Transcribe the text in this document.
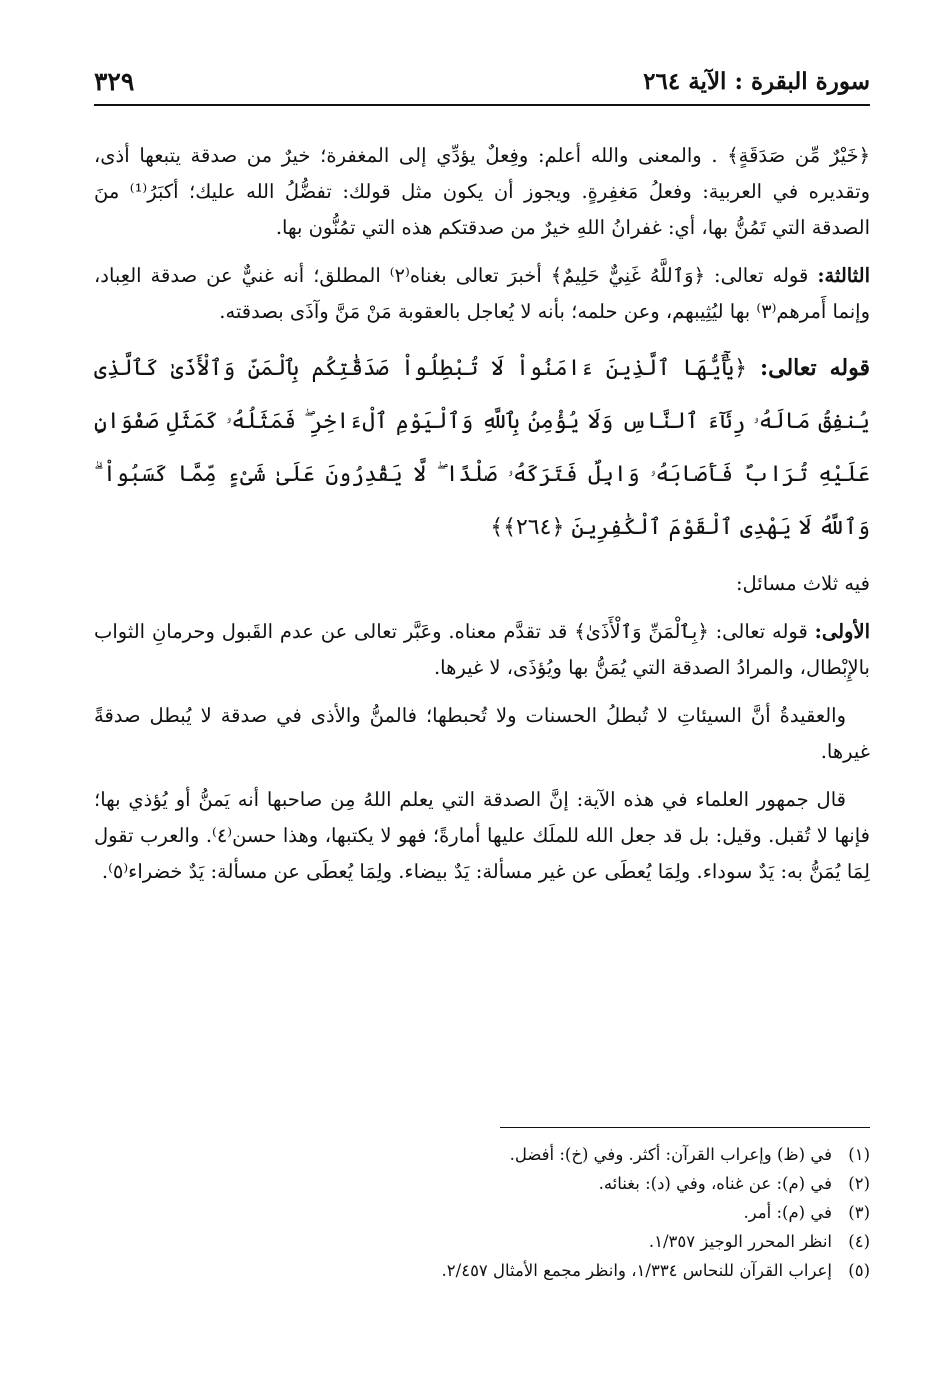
سورة البقرة : الآية ٢٦٤
٣٢٩

﴿خَيْرٌ مِّن صَدَقَةٍ﴾ . والمعنى والله أعلم: وفِعلٌ يؤدِّي إلى المغفرة؛ خيرٌ من صدقة يتبعها أذى، وتقديره في العربية: وفعلُ مَغفِرةٍ. ويجوز أن يكون مثل قولك: تفضُّلُ الله عليك؛ أكبَرُ⁽¹⁾ منَ الصدقة التي تَمُنُّ بها، أي: غفرانُ اللهِ خيرٌ من صدقتكم هذه التي تمُنُّون بها.

الثالثة: قوله تعالى: ﴿وَٱللَّهُ غَنِيٌّ حَلِيمٌ﴾ أخبرَ تعالى بغناه⁽٢⁾ المطلق؛ أنه غنيٌّ عن صدقة العِباد، وإنما أَمرهم⁽٣⁾ بها ليُثِيبهم، وعن حلمه؛ بأنه لا يُعاجل بالعقوبة مَنْ مَنَّ وآذَى بصدقته.

قوله تعالى: ﴿يَٰٓأَيُّهَا ٱلَّذِينَ ءَامَنُواْ لَا تُبْطِلُواْ صَدَقَٰتِكُم بِٱلْمَنِّ وَٱلْأَذَىٰ كَٱلَّذِى يُنفِقُ مَالَهُۥ رِئَآءَ ٱلنَّاسِ وَلَا يُؤْمِنُ بِٱللَّهِ وَٱلْيَوْمِ ٱلْءَاخِرِ ۖ فَمَثَلُهُۥ كَمَثَلِ صَفْوَانٍ عَلَيْهِ تُرَابٌ فَأَصَابَهُۥ وَابِلٌ فَتَرَكَهُۥ صَلْدًا ۖ لَّا يَقْدِرُونَ عَلَىٰ شَىْءٍ مِّمَّا كَسَبُواْ ۗ وَٱللَّهُ لَا يَهْدِى ٱلْقَوْمَ ٱلْكَٰفِرِينَ ﴿٢٦٤﴾﴾

فيه ثلاث مسائل:

الأولى: قوله تعالى: ﴿بِٱلْمَنِّ وَٱلْأَذَىٰ﴾ قد تقدَّم معناه. وعَبَّر تعالى عن عدم القَبول وحرمانِ الثواب بالإِبْطال، والمرادُ الصدقة التي يُمَنُّ بها ويُؤذَى، لا غيرها.

والعقيدةُ أنَّ السيئاتِ لا تُبطلُ الحسنات ولا تُحبطها؛ فالمنُّ والأذى في صدقة لا يُبطل صدقةً غيرها.

قال جمهور العلماء في هذه الآية: إنَّ الصدقة التي يعلم اللهُ مِن صاحبها أنه يَمنُّ أو يُؤذي بها؛ فإنها لا تُقبل. وقيل: بل قد جعل الله للملَك عليها أمارةً؛ فهو لا يكتبها، وهذا حسن⁽٤⁾. والعرب تقول لِمَا يُمَنُّ به: يَدٌ سوداء. ولِمَا يُعطَى عن غير مسألة: يَدٌ بيضاء. ولِمَا يُعطَى عن مسألة: يَدٌ خضراء⁽٥⁾.

(١)
في (ظ) وإعراب القرآن: أكثر. وفي (خ): أفضل.
(٢)
في (م): عن غناه، وفي (د): بغنائه.
(٣)
في (م): أمر.
(٤)
انظر المحرر الوجيز ١/٣٥٧.
(٥)
إعراب القرآن للنحاس ١/٣٣٤، وانظر مجمع الأمثال ٢/٤٥٧.
